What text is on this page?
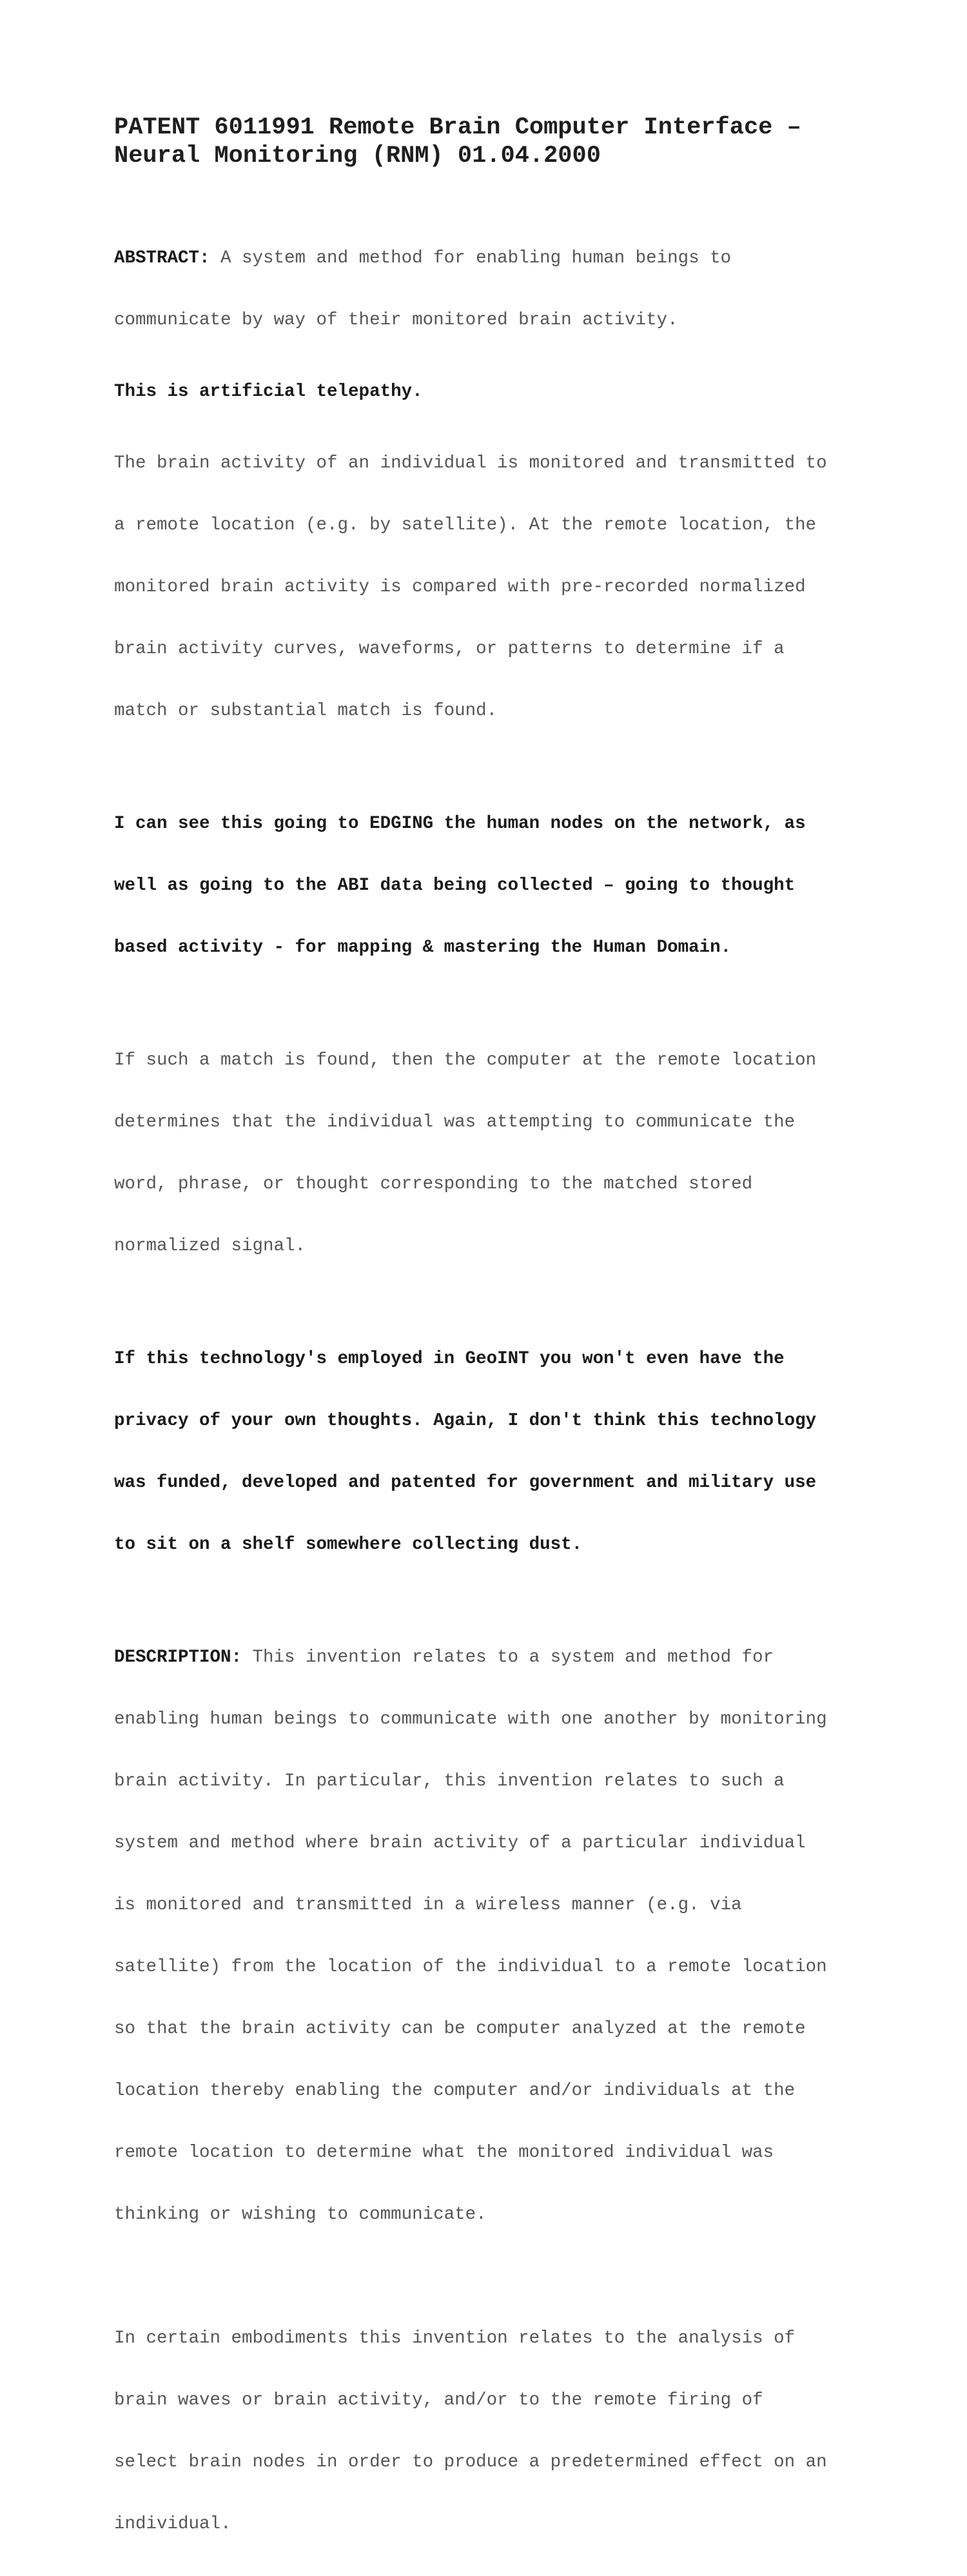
PATENT 6011991 Remote Brain Computer Interface –
Neural Monitoring (RNM) 01.04.2000

ABSTRACT: A system and method for enabling human beings to

communicate by way of their monitored brain activity.

This is artificial telepathy.

The brain activity of an individual is monitored and transmitted to

a remote location (e.g. by satellite). At the remote location, the

monitored brain activity is compared with pre-recorded normalized

brain activity curves, waveforms, or patterns to determine if a

match or substantial match is found.

I can see this going to EDGING the human nodes on the network, as

well as going to the ABI data being collected – going to thought

based activity - for mapping & mastering the Human Domain.

If such a match is found, then the computer at the remote location

determines that the individual was attempting to communicate the

word, phrase, or thought corresponding to the matched stored

normalized signal.

If this technology's employed in GeoINT you won't even have the

privacy of your own thoughts. Again, I don't think this technology

was funded, developed and patented for government and military use

to sit on a shelf somewhere collecting dust.

DESCRIPTION: This invention relates to a system and method for

enabling human beings to communicate with one another by monitoring

brain activity. In particular, this invention relates to such a

system and method where brain activity of a particular individual

is monitored and transmitted in a wireless manner (e.g. via

satellite) from the location of the individual to a remote location

so that the brain activity can be computer analyzed at the remote

location thereby enabling the computer and/or individuals at the

remote location to determine what the monitored individual was

thinking or wishing to communicate.

In certain embodiments this invention relates to the analysis of

brain waves or brain activity, and/or to the remote firing of

select brain nodes in order to produce a predetermined effect on an

individual.
